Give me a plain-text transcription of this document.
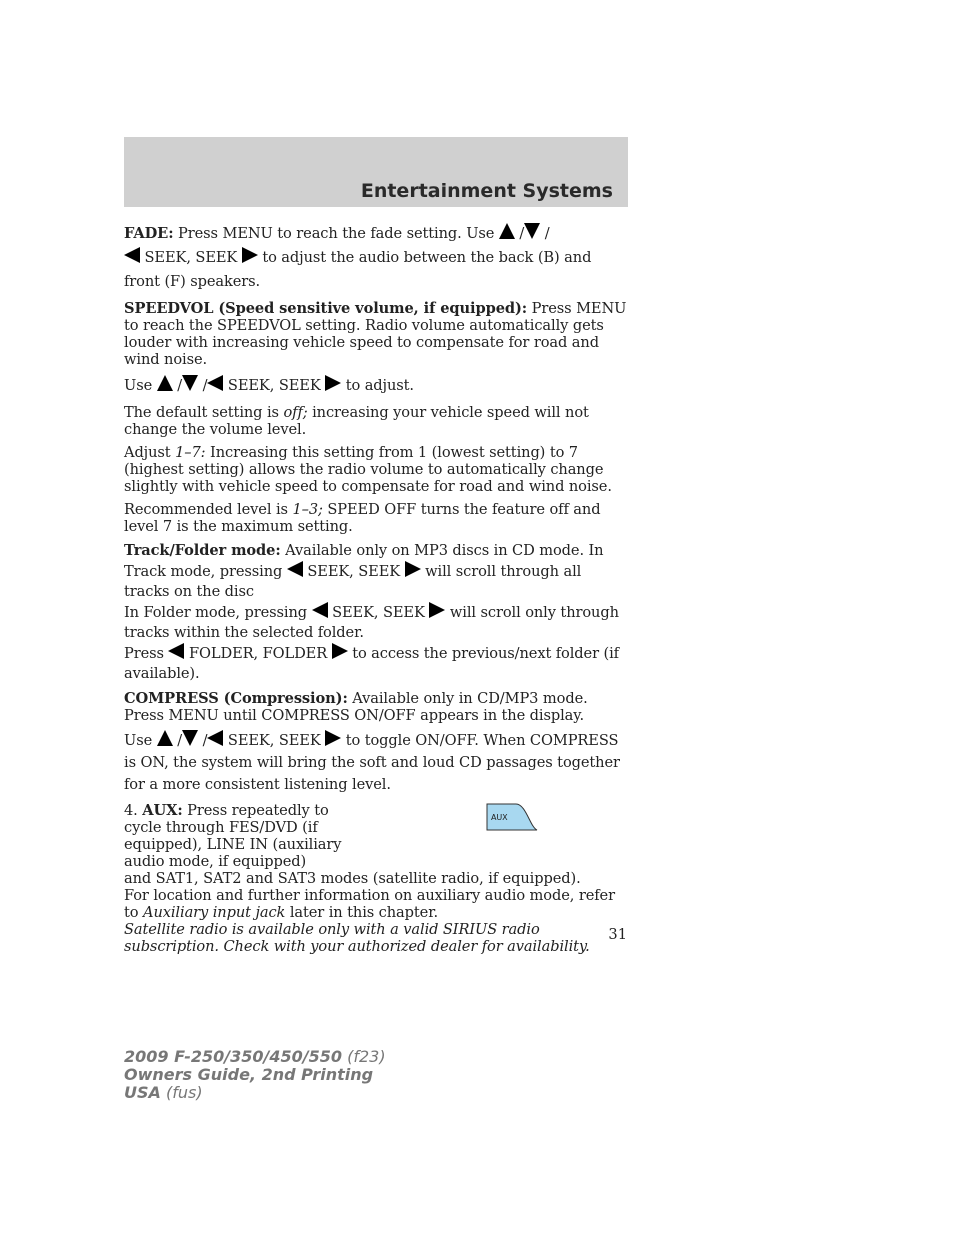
Entertainment Systems

FADE: Press MENU to reach the fade setting. Use  / /
SEEK, SEEK  to adjust the audio between the back (B) and front (F) speakers.

SPEEDVOL (Speed sensitive volume, if equipped): Press MENU to reach the SPEEDVOL setting. Radio volume automatically gets louder with increasing vehicle speed to compensate for road and wind noise.

Use  / / SEEK, SEEK  to adjust.

The default setting is off; increasing your vehicle speed will not change the volume level.

Adjust 1–7: Increasing this setting from 1 (lowest setting) to 7 (highest setting) allows the radio volume to automatically change slightly with vehicle speed to compensate for road and wind noise.

Recommended level is 1–3; SPEED OFF turns the feature off and level 7 is the maximum setting.

Track/Folder mode: Available only on MP3 discs in CD mode. In Track mode, pressing  SEEK, SEEK  will scroll through all tracks on the disc

In Folder mode, pressing  SEEK, SEEK  will scroll only through tracks within the selected folder.

Press  FOLDER, FOLDER  to access the previous/next folder (if available).

COMPRESS (Compression): Available only in CD/MP3 mode. Press MENU until COMPRESS ON/OFF appears in the display.

Use  / / SEEK, SEEK  to toggle ON/OFF. When COMPRESS is ON, the system will bring the soft and loud CD passages together for a more consistent listening level.

4. AUX: Press repeatedly to cycle through FES/DVD (if equipped), LINE IN (auxiliary audio mode, if equipped)
AUX
and SAT1, SAT2 and SAT3 modes (satellite radio, if equipped).
For location and further information on auxiliary audio mode, refer to Auxiliary input jack later in this chapter.
Satellite radio is available only with a valid SIRIUS radio subscription. Check with your authorized dealer for availability.
31
2009 F-250/350/450/550 (f23)
Owners Guide, 2nd Printing
USA (fus)
